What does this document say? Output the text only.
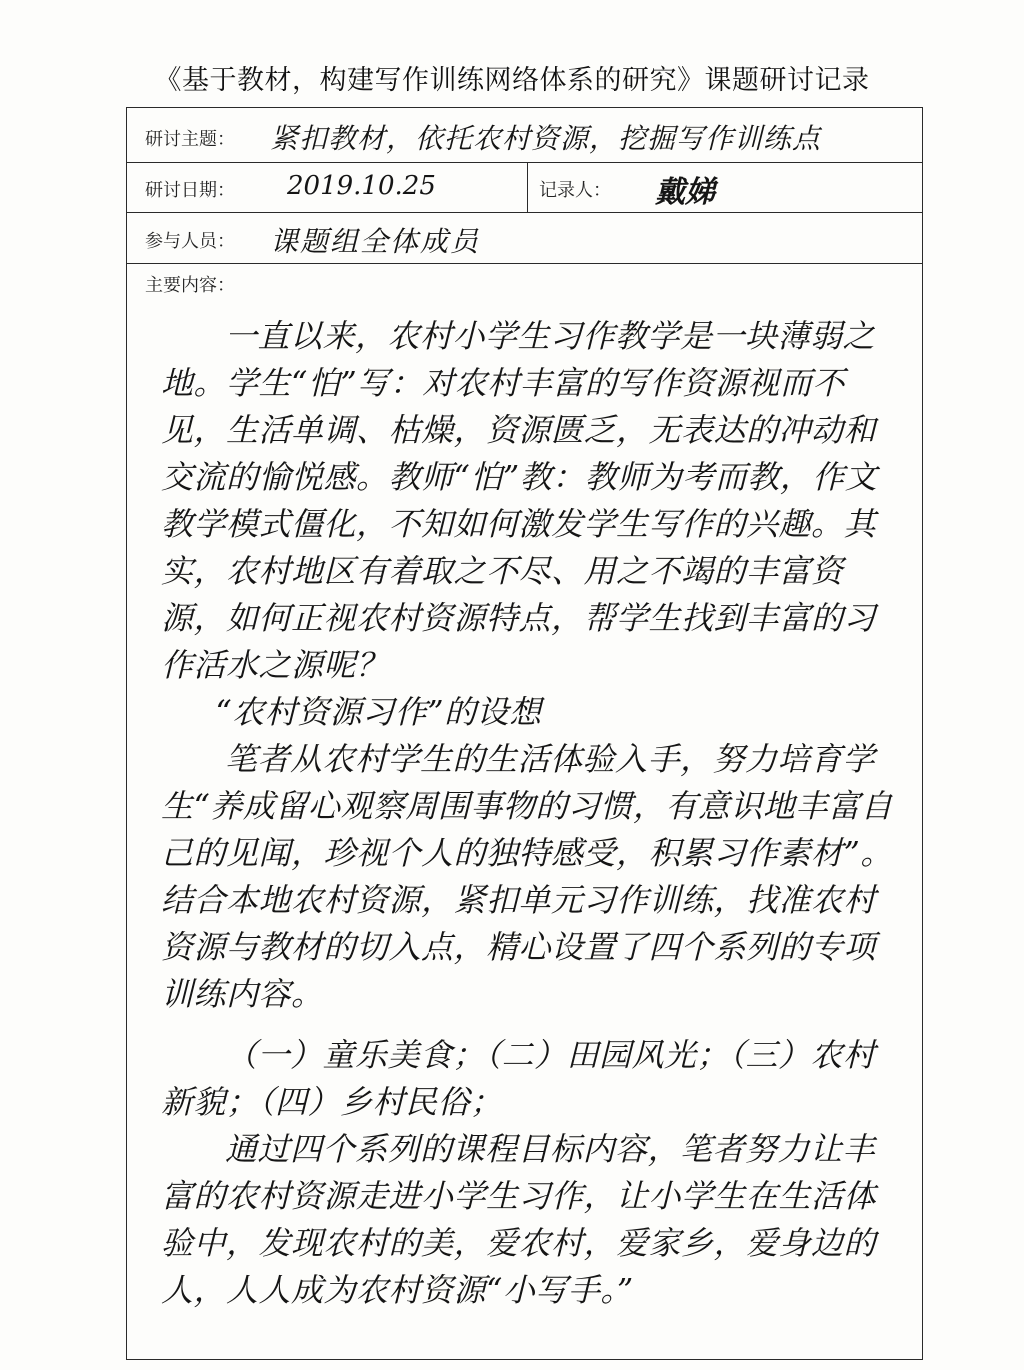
《基于教材，构建写作训练网络体系的研究》课题研讨记录
研讨主题： 紧扣教材，依托农村资源，挖掘写作训练点
研讨日期： 2019.10.25	记录人： 戴娣
参与人员： 课题组全体成员
主要内容：

一直以来，农村小学生习作教学是一块薄弱之地。学生“怕”写：对农村丰富的写作资源视而不见，生活单调、枯燥，资源匮乏，无表达的冲动和交流的愉悦感。教师“怕”教：教师为考而教，作文教学模式僵化，不知如何激发学生写作的兴趣。其实，农村地区有着取之不尽、用之不竭的丰富资源，如何正视农村资源特点，帮学生找到丰富的习作活水之源呢？

“农村资源习作”的设想

笔者从农村学生的生活体验入手，努力培育学生“养成留心观察周围事物的习惯，有意识地丰富自己的见闻，珍视个人的独特感受，积累习作素材”。结合本地农村资源，紧扣单元习作训练，找准农村资源与教材的切入点，精心设置了四个系列的专项训练内容。

（一）童乐美食；（二）田园风光；（三）农村新貌；（四）乡村民俗；

通过四个系列的课程目标内容，笔者努力让丰富的农村资源走进小学生习作，让小学生在生活体验中，发现农村的美，爱农村，爱家乡，爱身边的人，人人成为农村资源“小写手。”
